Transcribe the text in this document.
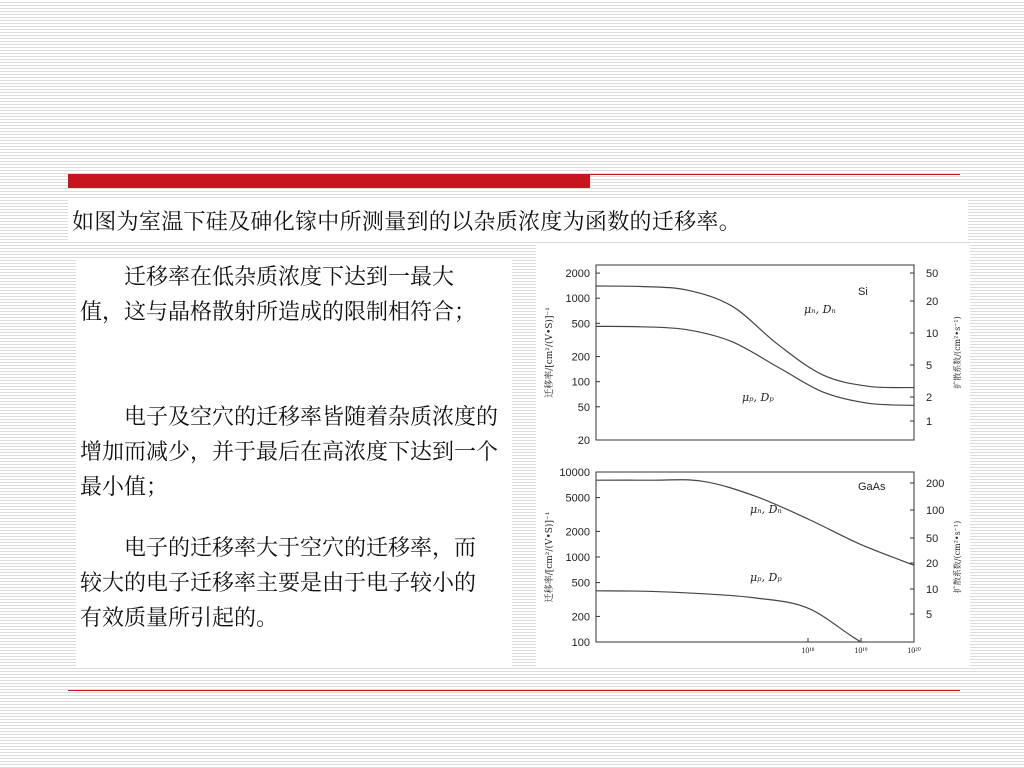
如图为室温下硅及砷化镓中所测量到的以杂质浓度为函数的迁移率。

迁移率在低杂质浓度下达到一最大值，这与晶格散射所造成的限制相符合；

电子及空穴的迁移率皆随着杂质浓度的增加而减少，并于最后在高浓度下达到一个最小值；

电子的迁移率大于空穴的迁移率，而较大的电子迁移率主要是由于电子较小的有效质量所引起的。

2000
1000
500
200
100
50
20
50
20
10
5
2
1
迁移率/[cm²/(V•S)]⁻¹	扩散系数/(cm²•s⁻¹)
Si
μₙ, Dₙ
μₚ, Dₚ
10000
5000
2000
1000
500
200
100
200
100
50
20
10
5
10¹⁸	10¹⁹	10²⁰
迁移率/[cm²/(V•S)]⁻¹	扩散系数/(cm²•s⁻¹)
GaAs
μₙ, Dₙ
μₚ, Dₚ
